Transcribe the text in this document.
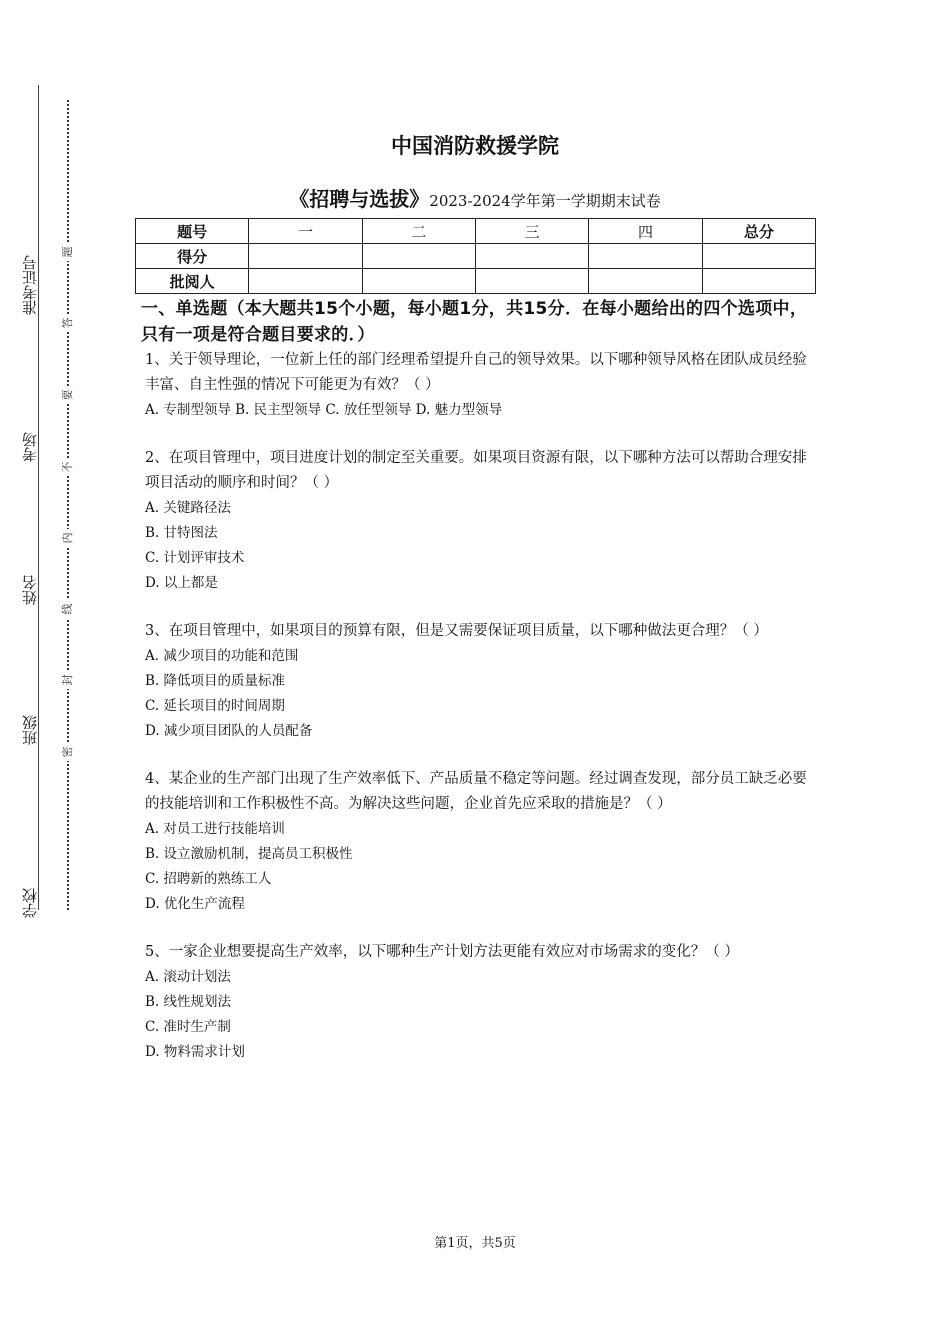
准考证号
考场
姓名
班级
学校
题
答
要
不
内
线
封
密
中国消防救援学院
《招聘与选拔》2023-2024学年第一学期期末试卷
题号	一	二	三	四	总分
得分					
批阅人					
一、单选题（本大题共15个小题，每小题1分，共15分．在每小题给出的四个选项中，只有一项是符合题目要求的．）
1、关于领导理论，一位新上任的部门经理希望提升自己的领导效果。以下哪种领导风格在团队成员经验丰富、自主性强的情况下可能更为有效？（ ）
A. 专制型领导 B. 民主型领导 C. 放任型领导 D. 魅力型领导
2、在项目管理中，项目进度计划的制定至关重要。如果项目资源有限，以下哪种方法可以帮助合理安排项目活动的顺序和时间？（ ）
A. 关键路径法
B. 甘特图法
C. 计划评审技术
D. 以上都是
3、在项目管理中，如果项目的预算有限，但是又需要保证项目质量，以下哪种做法更合理？（ ）
A. 减少项目的功能和范围
B. 降低项目的质量标准
C. 延长项目的时间周期
D. 减少项目团队的人员配备
4、某企业的生产部门出现了生产效率低下、产品质量不稳定等问题。经过调查发现，部分员工缺乏必要的技能培训和工作积极性不高。为解决这些问题，企业首先应采取的措施是？（ ）
A. 对员工进行技能培训
B. 设立激励机制，提高员工积极性
C. 招聘新的熟练工人
D. 优化生产流程
5、一家企业想要提高生产效率，以下哪种生产计划方法更能有效应对市场需求的变化？（ ）
A. 滚动计划法
B. 线性规划法
C. 准时生产制
D. 物料需求计划
第1页，共5页
